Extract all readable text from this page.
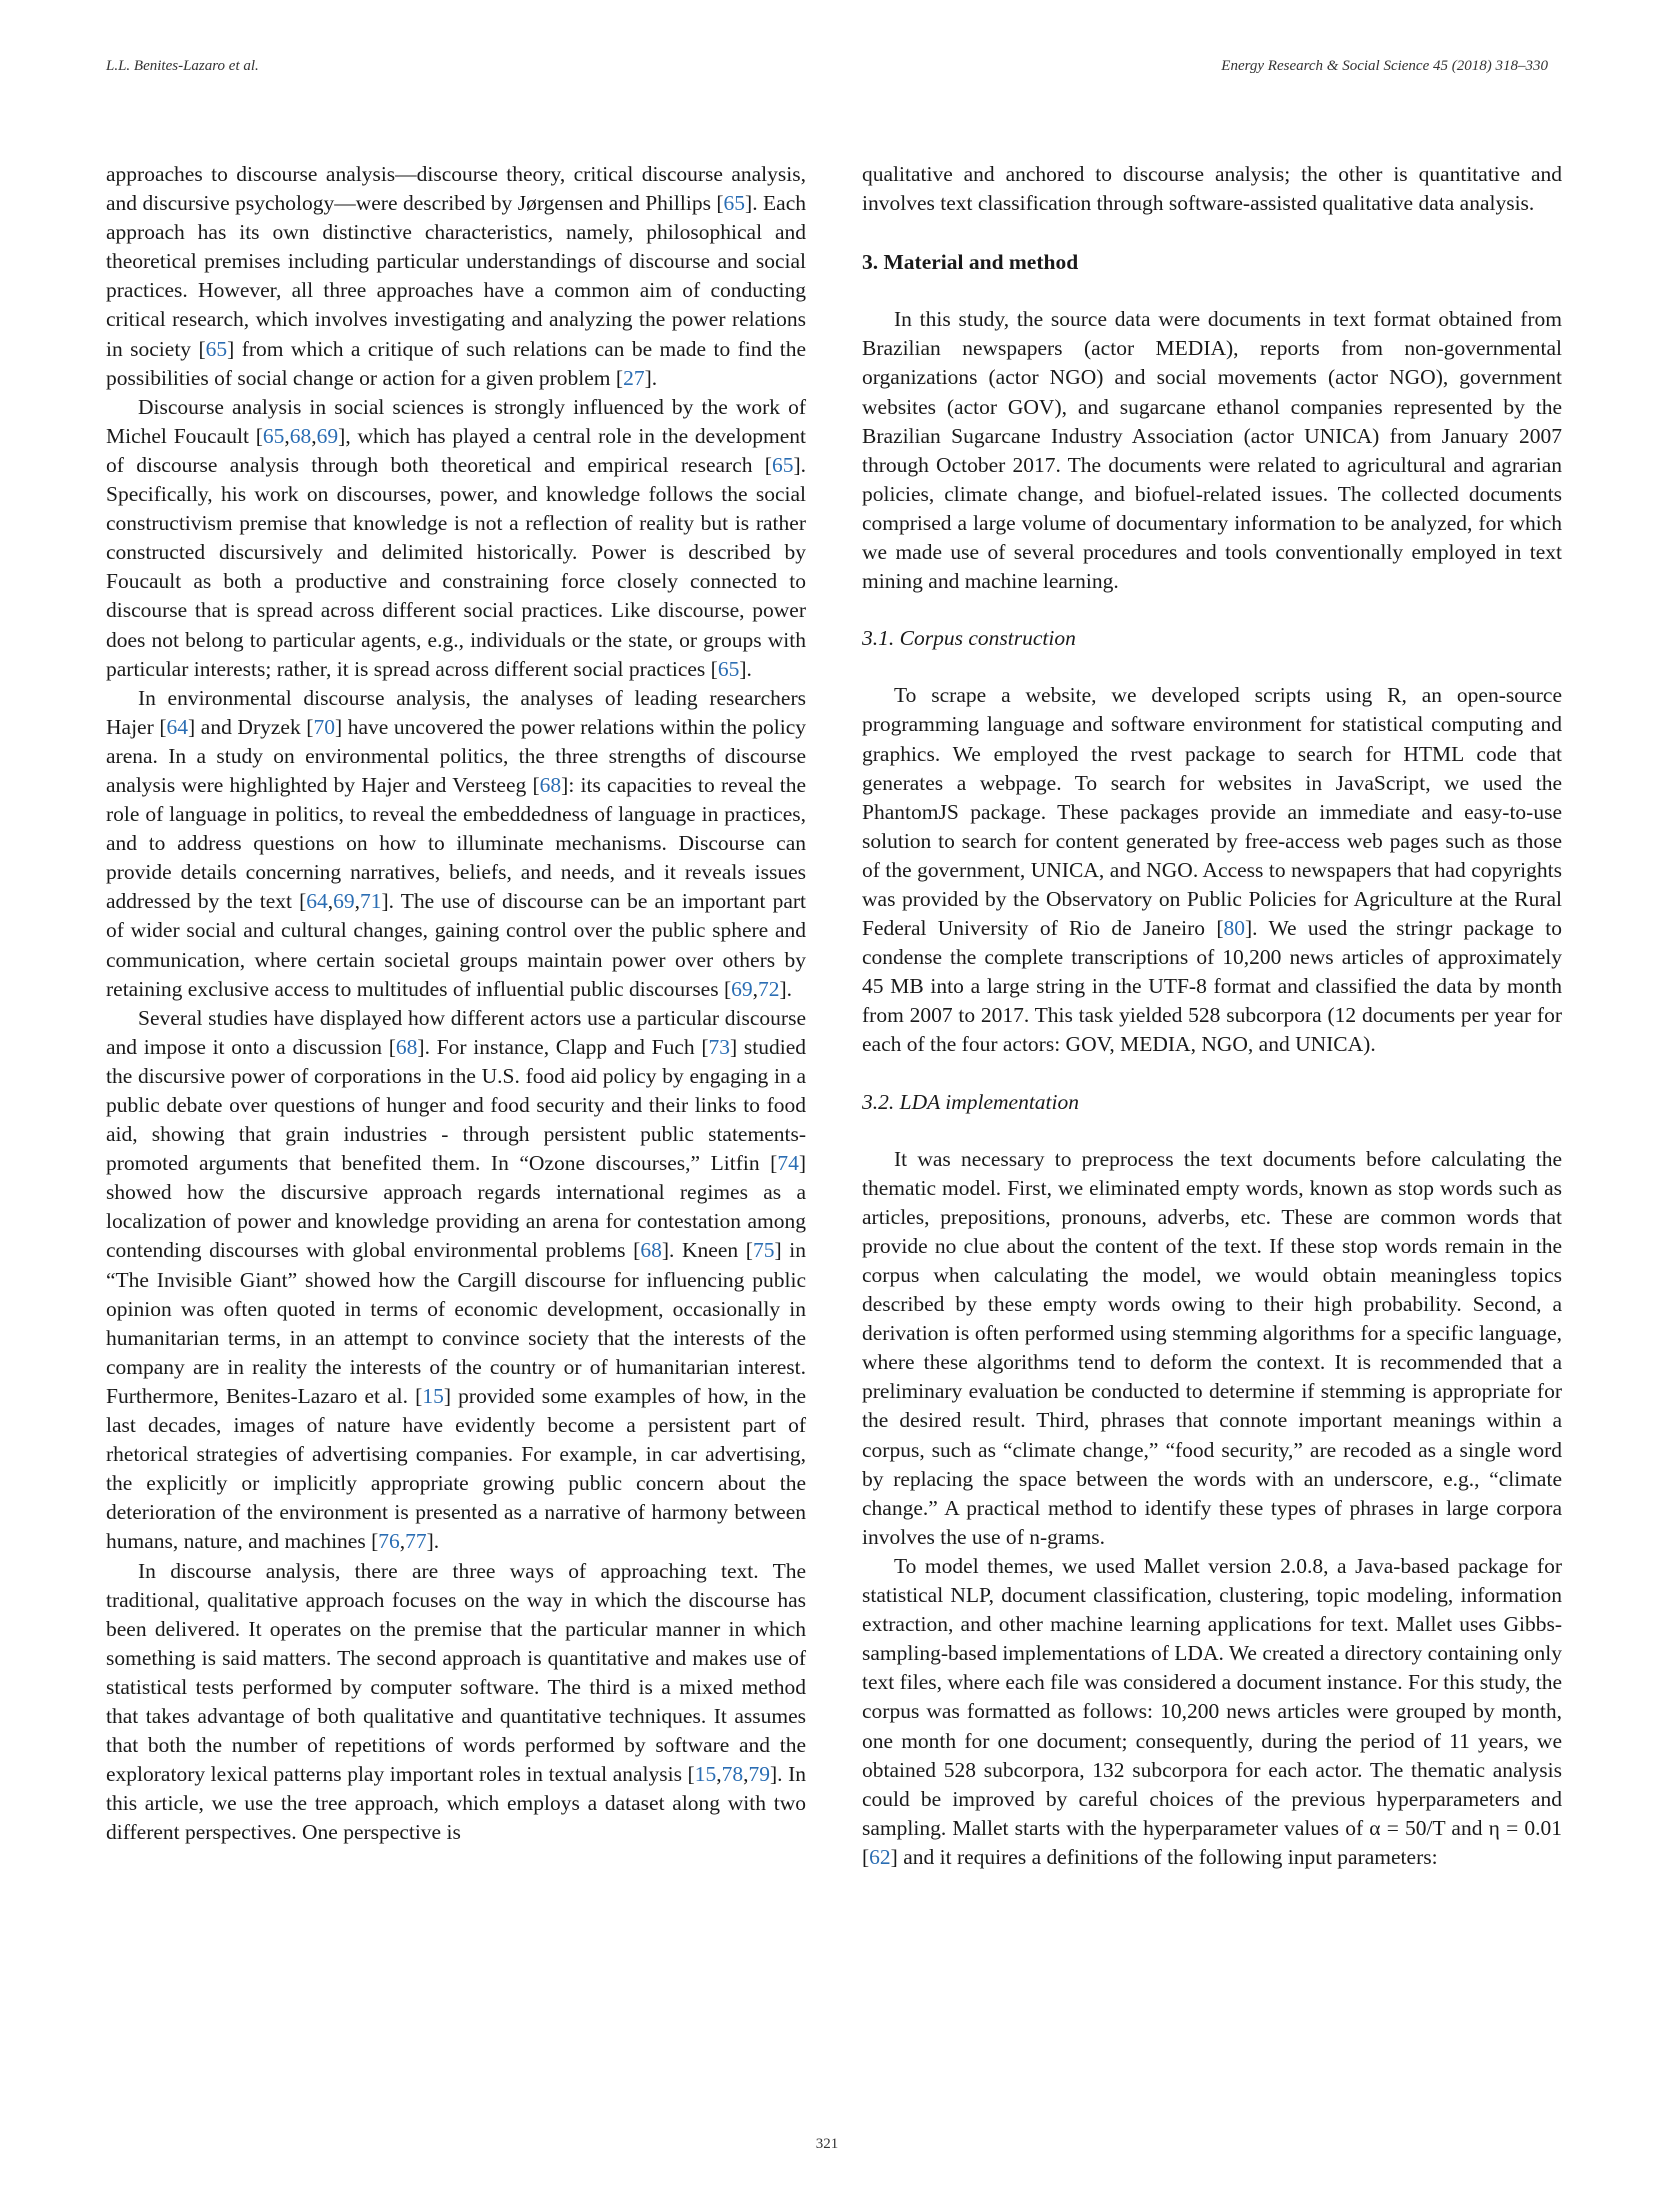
L.L. Benites-Lazaro et al.	Energy Research & Social Science 45 (2018) 318–330

approaches to discourse analysis—discourse theory, critical discourse analysis, and discursive psychology—were described by Jørgensen and Phillips [65]. Each approach has its own distinctive characteristics, namely, philosophical and theoretical premises including particular understandings of discourse and social practices. However, all three approaches have a common aim of conducting critical research, which involves investigating and analyzing the power relations in society [65] from which a critique of such relations can be made to find the possibilities of social change or action for a given problem [27].

Discourse analysis in social sciences is strongly influenced by the work of Michel Foucault [65,68,69], which has played a central role in the development of discourse analysis through both theoretical and empirical research [65]. Specifically, his work on discourses, power, and knowledge follows the social constructivism premise that knowledge is not a reflection of reality but is rather constructed discursively and delimited historically. Power is described by Foucault as both a productive and constraining force closely connected to discourse that is spread across different social practices. Like discourse, power does not belong to particular agents, e.g., individuals or the state, or groups with particular interests; rather, it is spread across different social practices [65].

In environmental discourse analysis, the analyses of leading researchers Hajer [64] and Dryzek [70] have uncovered the power relations within the policy arena. In a study on environmental politics, the three strengths of discourse analysis were highlighted by Hajer and Versteeg [68]: its capacities to reveal the role of language in politics, to reveal the embeddedness of language in practices, and to address questions on how to illuminate mechanisms. Discourse can provide details concerning narratives, beliefs, and needs, and it reveals issues addressed by the text [64,69,71]. The use of discourse can be an important part of wider social and cultural changes, gaining control over the public sphere and communication, where certain societal groups maintain power over others by retaining exclusive access to multitudes of influential public discourses [69,72].

Several studies have displayed how different actors use a particular discourse and impose it onto a discussion [68]. For instance, Clapp and Fuch [73] studied the discursive power of corporations in the U.S. food aid policy by engaging in a public debate over questions of hunger and food security and their links to food aid, showing that grain industries - through persistent public statements- promoted arguments that benefited them. In “Ozone discourses,” Litfin [74] showed how the discursive approach regards international regimes as a localization of power and knowledge providing an arena for contestation among contending discourses with global environmental problems [68]. Kneen [75] in “The Invisible Giant” showed how the Cargill discourse for influencing public opinion was often quoted in terms of economic development, occasionally in humanitarian terms, in an attempt to convince society that the interests of the company are in reality the interests of the country or of humanitarian interest. Furthermore, Benites-Lazaro et al. [15] provided some examples of how, in the last decades, images of nature have evidently become a persistent part of rhetorical strategies of advertising companies. For example, in car advertising, the explicitly or implicitly appropriate growing public concern about the deterioration of the environment is presented as a narrative of harmony between humans, nature, and machines [76,77].

In discourse analysis, there are three ways of approaching text. The traditional, qualitative approach focuses on the way in which the discourse has been delivered. It operates on the premise that the particular manner in which something is said matters. The second approach is quantitative and makes use of statistical tests performed by computer software. The third is a mixed method that takes advantage of both qualitative and quantitative techniques. It assumes that both the number of repetitions of words performed by software and the exploratory lexical patterns play important roles in textual analysis [15,78,79]. In this article, we use the tree approach, which employs a dataset along with two different perspectives. One perspective is

qualitative and anchored to discourse analysis; the other is quantitative and involves text classification through software-assisted qualitative data analysis.

3. Material and method

In this study, the source data were documents in text format obtained from Brazilian newspapers (actor MEDIA), reports from non-governmental organizations (actor NGO) and social movements (actor NGO), government websites (actor GOV), and sugarcane ethanol companies represented by the Brazilian Sugarcane Industry Association (actor UNICA) from January 2007 through October 2017. The documents were related to agricultural and agrarian policies, climate change, and biofuel-related issues. The collected documents comprised a large volume of documentary information to be analyzed, for which we made use of several procedures and tools conventionally employed in text mining and machine learning.

3.1. Corpus construction

To scrape a website, we developed scripts using R, an open-source programming language and software environment for statistical computing and graphics. We employed the rvest package to search for HTML code that generates a webpage. To search for websites in JavaScript, we used the PhantomJS package. These packages provide an immediate and easy-to-use solution to search for content generated by free-access web pages such as those of the government, UNICA, and NGO. Access to newspapers that had copyrights was provided by the Observatory on Public Policies for Agriculture at the Rural Federal University of Rio de Janeiro [80]. We used the stringr package to condense the complete transcriptions of 10,200 news articles of approximately 45 MB into a large string in the UTF-8 format and classified the data by month from 2007 to 2017. This task yielded 528 subcorpora (12 documents per year for each of the four actors: GOV, MEDIA, NGO, and UNICA).

3.2. LDA implementation

It was necessary to preprocess the text documents before calculating the thematic model. First, we eliminated empty words, known as stop words such as articles, prepositions, pronouns, adverbs, etc. These are common words that provide no clue about the content of the text. If these stop words remain in the corpus when calculating the model, we would obtain meaningless topics described by these empty words owing to their high probability. Second, a derivation is often performed using stemming algorithms for a specific language, where these algorithms tend to deform the context. It is recommended that a preliminary evaluation be conducted to determine if stemming is appropriate for the desired result. Third, phrases that connote important meanings within a corpus, such as “climate change,” “food security,” are recoded as a single word by replacing the space between the words with an underscore, e.g., “climate change.” A practical method to identify these types of phrases in large corpora involves the use of n-grams.

To model themes, we used Mallet version 2.0.8, a Java-based package for statistical NLP, document classification, clustering, topic modeling, information extraction, and other machine learning applications for text. Mallet uses Gibbs-sampling-based implementations of LDA. We created a directory containing only text files, where each file was considered a document instance. For this study, the corpus was formatted as follows: 10,200 news articles were grouped by month, one month for one document; consequently, during the period of 11 years, we obtained 528 subcorpora, 132 subcorpora for each actor. The thematic analysis could be improved by careful choices of the previous hyperparameters and sampling. Mallet starts with the hyperparameter values of α = 50/T and η = 0.01 [62] and it requires a definitions of the following input parameters:

321
